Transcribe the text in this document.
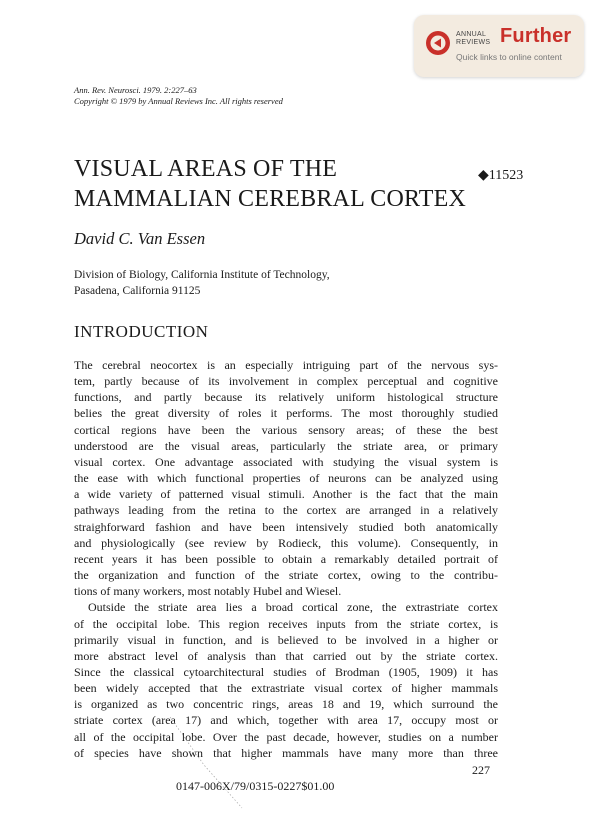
ANNUAL
REVIEWS Further
Quick links to online content
Ann. Rev. Neurosci. 1979. 2:227–63
Copyright © 1979 by Annual Reviews Inc. All rights reserved
VISUAL AREAS OF THE
MAMMALIAN CEREBRAL CORTEX
◆11523
David C. Van Essen
Division of Biology, California Institute of Technology,
Pasadena, California 91125
INTRODUCTION

The cerebral neocortex is an especially intriguing part of the nervous sys-

tem, partly because of its involvement in complex perceptual and cognitive

functions, and partly because its relatively uniform histological structure

belies the great diversity of roles it performs. The most thoroughly studied

cortical regions have been the various sensory areas; of these the best

understood are the visual areas, particularly the striate area, or primary

visual cortex. One advantage associated with studying the visual system is

the ease with which functional properties of neurons can be analyzed using

a wide variety of patterned visual stimuli. Another is the fact that the main

pathways leading from the retina to the cortex are arranged in a relatively

straighforward fashion and have been intensively studied both anatomically

and physiologically (see review by Rodieck, this volume). Consequently, in

recent years it has been possible to obtain a remarkably detailed portrait of

the organization and function of the striate cortex, owing to the contribu-

tions of many workers, most notably Hubel and Wiesel.

Outside the striate area lies a broad cortical zone, the extrastriate cortex

of the occipital lobe. This region receives inputs from the striate cortex, is

primarily visual in function, and is believed to be involved in a higher or

more abstract level of analysis than that carried out by the striate cortex.

Since the classical cytoarchitectural studies of Brodman (1905, 1909) it has

been widely accepted that the extrastriate visual cortex of higher mammals

is organized as two concentric rings, areas 18 and 19, which surround the

striate cortex (area 17) and which, together with area 17, occupy most or

all of the occipital lobe. Over the past decade, however, studies on a number

of species have shown that higher mammals have many more than three

227
0147-006X/79/0315-0227$01.00
